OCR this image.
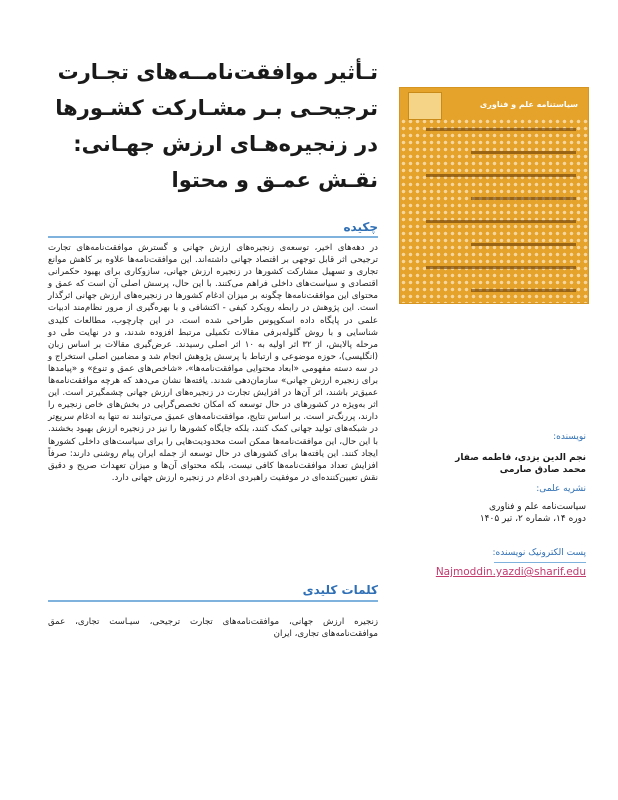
تـأثیر موافقت‌نامــه‌های تجـارت ترجیحـی بـر مشـارکت کشـورها در زنجیره‌هـای ارزش جهـانی: نقـش عمـق و محتوا
سیاستنامه علم و فناوری
چکیده
در دهه‌های اخیر، توسعه‌ی زنجیره‌های ارزش جهانی و گسترش موافقت‌نامه‌های تجارت ترجیحی اثر قابل توجهی بر اقتصاد جهانی داشته‌اند. این موافقت‌نامه‌ها علاوه بر کاهش موانع تجاری و تسهیل مشارکت کشورها در زنجیره ارزش جهانی، سازوکاری برای بهبود حکمرانی اقتصادی و سیاست‌های داخلی فراهم می‌کنند. با این حال، پرسش اصلی آن است که عمق و محتوای این موافقت‌نامه‌ها چگونه بر میزان ادغام کشورها در زنجیره‌های ارزش جهانی اثرگذار است. این پژوهش در رابطه رویکرد کیفی - اکتشافی و با بهره‌گیری از مرور نظام‌مند ادبیات علمی در پایگاه داده اسکوپوس طراحی شده است. در این چارچوب، مطالعات کلیدی شناسایی و با روش گلوله‌برفی مقالات تکمیلی مرتبط افزوده شدند، و در نهایت طی دو مرحله پالایش، از ۳۲ اثر اولیه به ۱۰ اثر اصلی رسیدند. عرض‌گیری مقالات بر اساس زبان (انگلیسی)، حوزه موضوعی و ارتباط با پرسش پژوهش انجام شد و مضامین اصلی استخراج و در سه دسته مفهومی «ابعاد محتوایی موافقت‌نامه‌ها»، «شاخص‌های عمق و تنوع» و «پیامدها برای زنجیره ارزش جهانی» سازمان‌دهی شدند. یافته‌ها نشان می‌دهد که هرچه موافقت‌نامه‌ها عمیق‌تر باشند، اثر آن‌ها در افزایش تجارت در زنجیره‌های ارزش جهانی چشمگیرتر است. این اثر به‌ویژه در کشورهای در حال توسعه که امکان تخصص‌گرایی در بخش‌های خاص زنجیره را دارند، پررنگ‌تر است. بر اساس نتایج، موافقت‌نامه‌های عمیق می‌توانند نه تنها به ادغام سریع‌تر در شبکه‌های تولید جهانی کمک کنند، بلکه جایگاه کشورها را نیز در زنجیره ارزش بهبود بخشند. با این حال، این موافقت‌نامه‌ها ممکن است محدودیت‌هایی را برای سیاست‌های داخلی کشورها ایجاد کنند. این یافته‌ها برای کشورهای در حال توسعه از جمله ایران پیام روشنی دارند: صرفاً افزایش تعداد موافقت‌نامه‌ها کافی نیست، بلکه محتوای آن‌ها و میزان تعهدات صریح و دقیق نقش تعیین‌کننده‌ای در موفقیت راهبردی ادغام در زنجیره ارزش جهانی دارد.
کلمات کلیدی
زنجیره ارزش جهانی، موافقت‌نامه‌های تجارت ترجیحی، سیـاست تجاری، عمق موافقت‌نامه‌های تجاری، ایران
نویسنده:
نجم الدین یزدی، فاطمه صفار
محمد صادق صارمی
نشریه علمی:
سیاست‌نامه علم و فناوری
دوره ۱۴، شماره ۲، تیر ۱۴۰۵
پست الکترونیک نویسنده:
Najmoddin.yazdi@sharif.edu
